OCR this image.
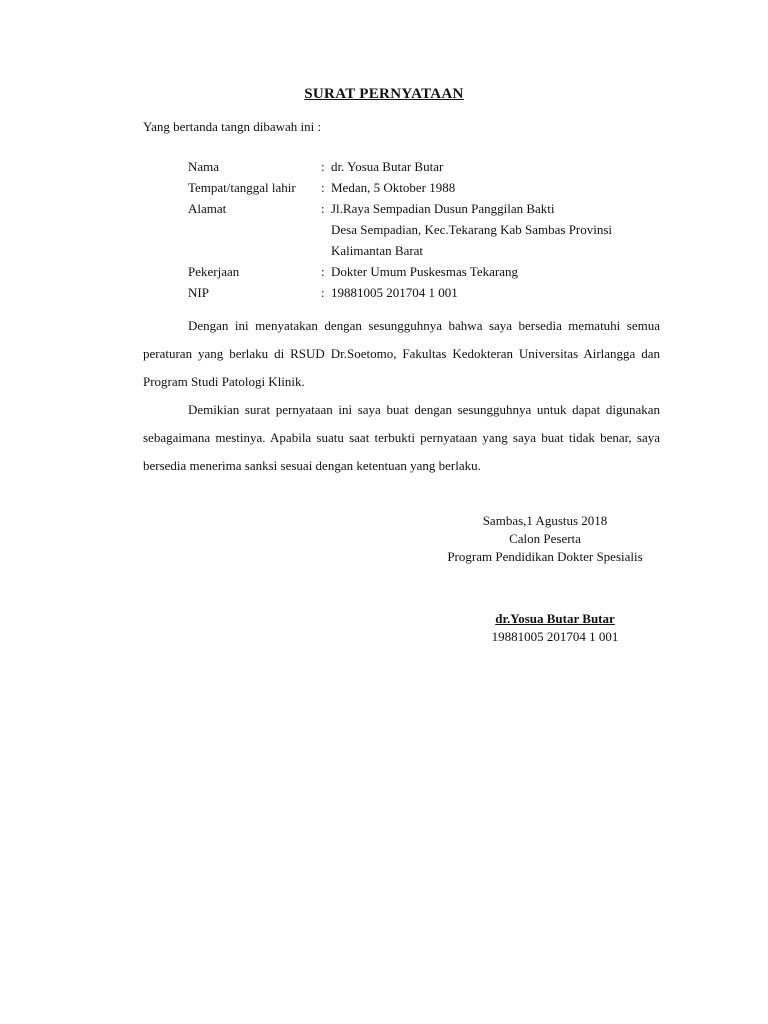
SURAT PERNYATAAN
Yang bertanda tangn dibawah ini :
Nama	: dr. Yosua Butar Butar
Tempat/tanggal lahir	: Medan, 5 Oktober 1988
Alamat	: Jl.Raya Sempadian Dusun Panggilan Bakti
Desa Sempadian, Kec.Tekarang Kab Sambas Provinsi
Kalimantan Barat
Pekerjaan	: Dokter Umum Puskesmas Tekarang
NIP	: 19881005 201704 1 001

Dengan ini menyatakan dengan sesungguhnya bahwa saya bersedia mematuhi semua peraturan yang berlaku di RSUD Dr.Soetomo, Fakultas Kedokteran Universitas Airlangga dan Program Studi Patologi Klinik.

Demikian surat pernyataan ini saya buat dengan sesungguhnya untuk dapat digunakan sebagaimana mestinya. Apabila suatu saat terbukti pernyataan yang saya buat tidak benar, saya bersedia menerima sanksi sesuai dengan ketentuan yang berlaku.

Sambas,1 Agustus 2018
Calon Peserta
Program Pendidikan Dokter Spesialis
dr.Yosua Butar Butar
19881005 201704 1 001
